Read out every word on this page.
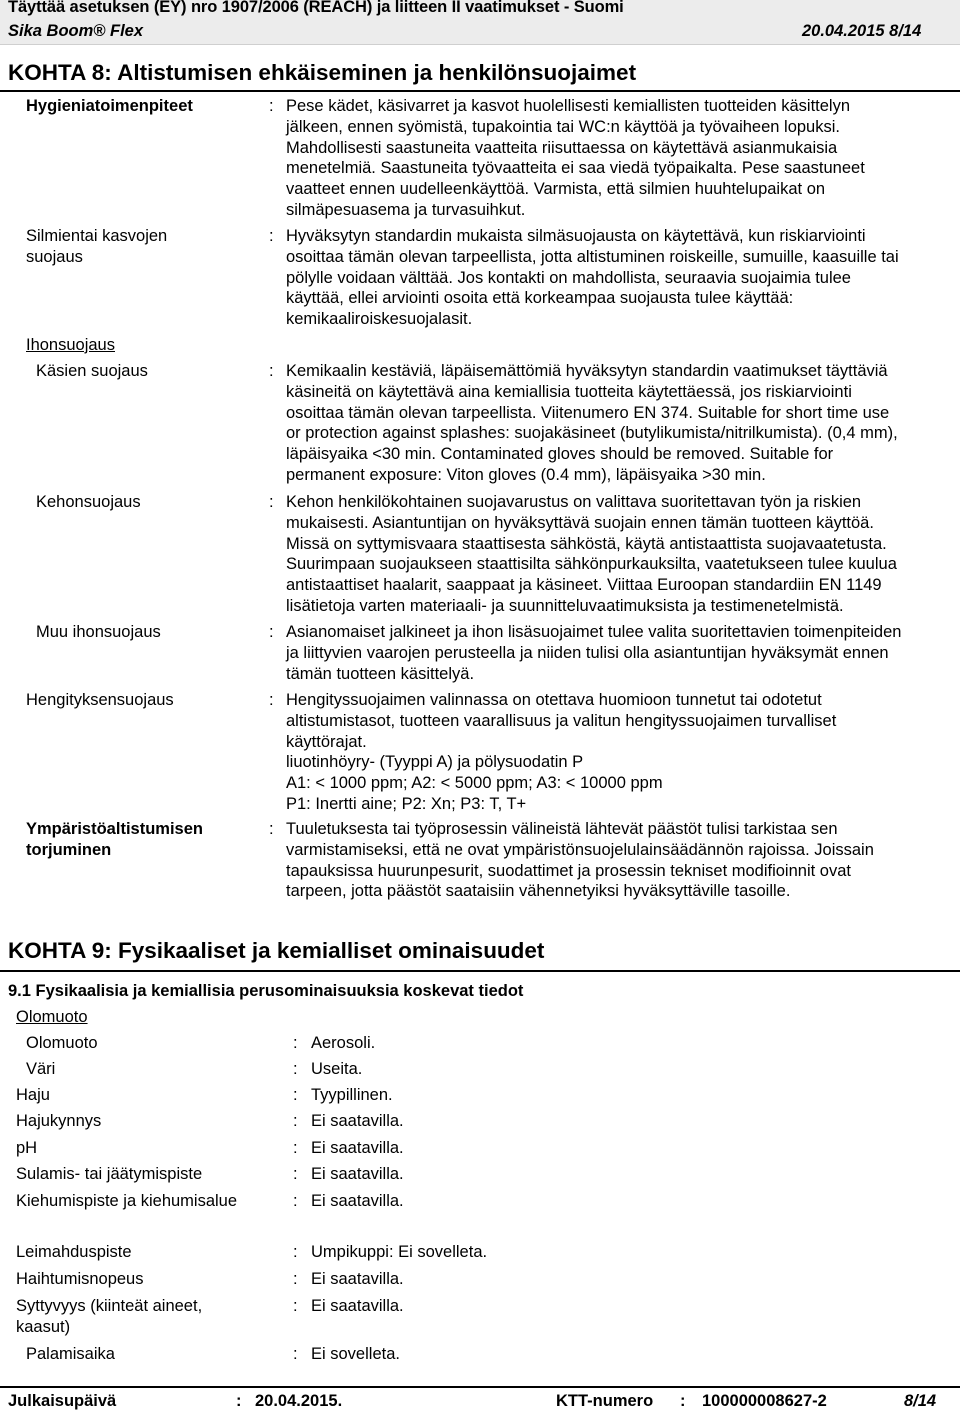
Täyttää asetuksen (EY) nro 1907/2006 (REACH) ja liitteen II vaatimukset - Suomi
Sika Boom® Flex	20.04.2015 8/14
KOHTA 8: Altistumisen ehkäiseminen ja henkilönsuojaimet
Hygieniatoimenpiteet	: Pese kädet, käsivarret ja kasvot huolellisesti kemiallisten tuotteiden käsittelyn

jälkeen, ennen syömistä, tupakointia tai WC:n käyttöä ja työvaiheen lopuksi.

Mahdollisesti saastuneita vaatteita riisuttaessa on käytettävä asianmukaisia

menetelmiä. Saastuneita työvaatteita ei saa viedä työpaikalta. Pese saastuneet

vaatteet ennen uudelleenkäyttöä. Varmista, että silmien huuhtelupaikat on

silmäpesuasema ja turvasuihkut.

Silmientai kasvojen
suojaus
: Hyväksytyn standardin mukaista silmäsuojausta on käytettävä, kun riskiarviointi

osoittaa tämän olevan tarpeellista, jotta altistuminen roiskeille, sumuille, kaasuille tai

pölylle voidaan välttää. Jos kontakti on mahdollista, seuraavia suojaimia tulee

käyttää, ellei arviointi osoita että korkeampaa suojausta tulee käyttää:

kemikaaliroiskesuojalasit.

Ihonsuojaus
Käsien suojaus	: Kemikaalin kestäviä, läpäisemättömiä hyväksytyn standardin vaatimukset täyttäviä

käsineitä on käytettävä aina kemiallisia tuotteita käytettäessä, jos riskiarviointi

osoittaa tämän olevan tarpeellista. Viitenumero EN 374. Suitable for short time use

or protection against splashes: suojakäsineet (butylikumista/nitrilkumista). (0,4 mm),

läpäisyaika <30 min. Contaminated gloves should be removed. Suitable for

permanent exposure: Viton gloves (0.4 mm), läpäisyaika >30 min.

Kehonsuojaus	: Kehon henkilökohtainen suojavarustus on valittava suoritettavan työn ja riskien

mukaisesti. Asiantuntijan on hyväksyttävä suojain ennen tämän tuotteen käyttöä.

Missä on syttymisvaara staattisesta sähköstä, käytä antistaattista suojavaatetusta.

Suurimpaan suojaukseen staattisilta sähkönpurkauksilta, vaatetukseen tulee kuulua

antistaattiset haalarit, saappaat ja käsineet. Viittaa Euroopan standardiin EN 1149

lisätietoja varten materiaali- ja suunnitteluvaatimuksista ja testimenetelmistä.

Muu ihonsuojaus	: Asianomaiset jalkineet ja ihon lisäsuojaimet tulee valita suoritettavien toimenpiteiden

ja liittyvien vaarojen perusteella ja niiden tulisi olla asiantuntijan hyväksymät ennen

tämän tuotteen käsittelyä.

Hengityksensuojaus	: Hengityssuojaimen valinnassa on otettava huomioon tunnetut tai odotetut

altistumistasot, tuotteen vaarallisuus ja valitun hengityssuojaimen turvalliset

käyttörajat.

liuotinhöyry- (Tyyppi A) ja pölysuodatin P

A1: < 1000 ppm; A2: < 5000 ppm; A3: < 10000 ppm

P1: Inertti aine; P2: Xn; P3: T, T+

Ympäristöaltistumisen
torjuminen
: Tuuletuksesta tai työprosessin välineistä lähtevät päästöt tulisi tarkistaa sen

varmistamiseksi, että ne ovat ympäristönsuojelulainsäädännön rajoissa. Joissain

tapauksissa huurunpesurit, suodattimet ja prosessin tekniset modifioinnit ovat

tarpeen, jotta päästöt saataisiin vähennetyiksi hyväksyttäville tasoille.

KOHTA 9: Fysikaaliset ja kemialliset ominaisuudet
9.1 Fysikaalisia ja kemiallisia perusominaisuuksia koskevat tiedot
Olomuoto
Olomuoto	: Aerosoli.
Väri	: Useita.
Haju	: Tyypillinen.
Hajukynnys	: Ei saatavilla.
pH	: Ei saatavilla.
Sulamis- tai jäätymispiste	: Ei saatavilla.
Kiehumispiste ja kiehumisalue	: Ei saatavilla.
Leimahduspiste	: Umpikuppi: Ei sovelleta.
Haihtumisnopeus	: Ei saatavilla.
Syttyvyys (kiinteät aineet,
kaasut)
: Ei saatavilla.
Palamisaika	: Ei sovelleta.
Julkaisupäivä	: 20.04.2015.	KTT-numero : 100000008627-2	8/14
